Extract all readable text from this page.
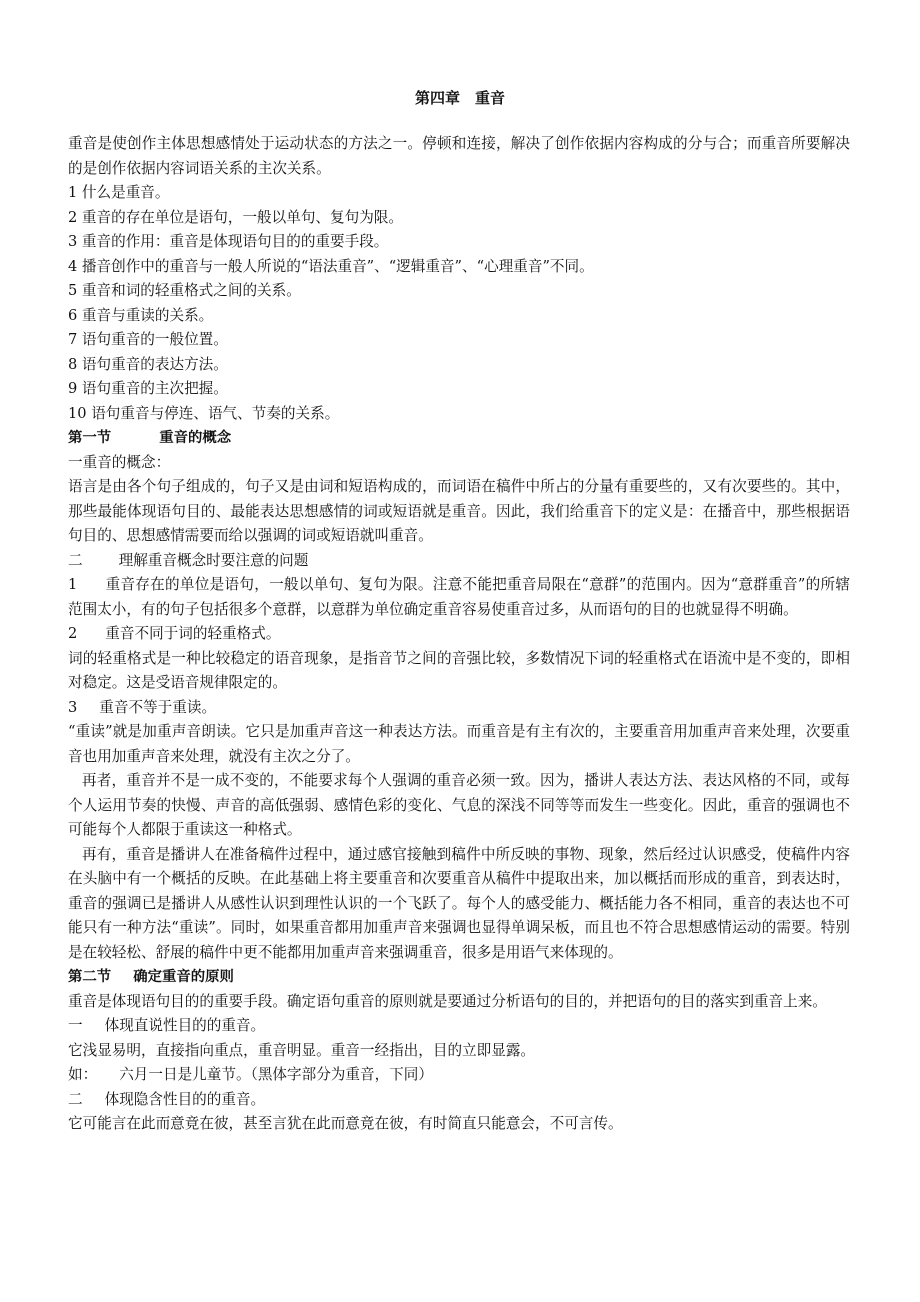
第四章　重音

重音是使创作主体思想感情处于运动状态的方法之一。停顿和连接，解决了创作依据内容构成的分与合；而重音所要解决的是创作依据内容词语关系的主次关系。

1 什么是重音。

2 重音的存在单位是语句，一般以单句、复句为限。

3 重音的作用：重音是体现语句目的的重要手段。

4 播音创作中的重音与一般人所说的“语法重音”、“逻辑重音”、“心理重音”不同。

5 重音和词的轻重格式之间的关系。

6 重音与重读的关系。

7 语句重音的一般位置。

8 语句重音的表达方法。

9 语句重音的主次把握。

10 语句重音与停连、语气、节奏的关系。

第一节	重音的概念

一重音的概念：

语言是由各个句子组成的，句子又是由词和短语构成的，而词语在稿件中所占的分量有重要些的，又有次要些的。其中，那些最能体现语句目的、最能表达思想感情的词或短语就是重音。因此，我们给重音下的定义是：在播音中，那些根据语句目的、思想感情需要而给以强调的词或短语就叫重音。

二 理解重音概念时要注意的问题

1 重音存在的单位是语句，一般以单句、复句为限。注意不能把重音局限在“意群”的范围内。因为“意群重音”的所辖范围太小，有的句子包括很多个意群，以意群为单位确定重音容易使重音过多，从而语句的目的也就显得不明确。

2 重音不同于词的轻重格式。

词的轻重格式是一种比较稳定的语音现象，是指音节之间的音强比较，多数情况下词的轻重格式在语流中是不变的，即相对稳定。这是受语音规律限定的。

3 重音不等于重读。

“重读”就是加重声音朗读。它只是加重声音这一种表达方法。而重音是有主有次的，主要重音用加重声音来处理，次要重音也用加重声音来处理，就没有主次之分了。

再者，重音并不是一成不变的，不能要求每个人强调的重音必须一致。因为，播讲人表达方法、表达风格的不同，或每个人运用节奏的快慢、声音的高低强弱、感情色彩的变化、气息的深浅不同等等而发生一些变化。因此，重音的强调也不可能每个人都限于重读这一种格式。

再有，重音是播讲人在准备稿件过程中，通过感官接触到稿件中所反映的事物、现象，然后经过认识感受，使稿件内容在头脑中有一个概括的反映。在此基础上将主要重音和次要重音从稿件中提取出来，加以概括而形成的重音，到表达时，重音的强调已是播讲人从感性认识到理性认识的一个飞跃了。每个人的感受能力、概括能力各不相同，重音的表达也不可能只有一种方法“重读”。同时，如果重音都用加重声音来强调也显得单调呆板，而且也不符合思想感情运动的需要。特别是在较轻松、舒展的稿件中更不能都用加重声音来强调重音，很多是用语气来体现的。

第二节 确定重音的原则

重音是体现语句目的的重要手段。确定语句重音的原则就是要通过分析语句的目的，并把语句的目的落实到重音上来。

一 体现直说性目的的重音。

它浅显易明，直接指向重点，重音明显。重音一经指出，目的立即显露。

如： 六月一日是儿童节。（黑体字部分为重音，下同）

二 体现隐含性目的的重音。

它可能言在此而意竟在彼，甚至言犹在此而意竟在彼，有时简直只能意会，不可言传。
